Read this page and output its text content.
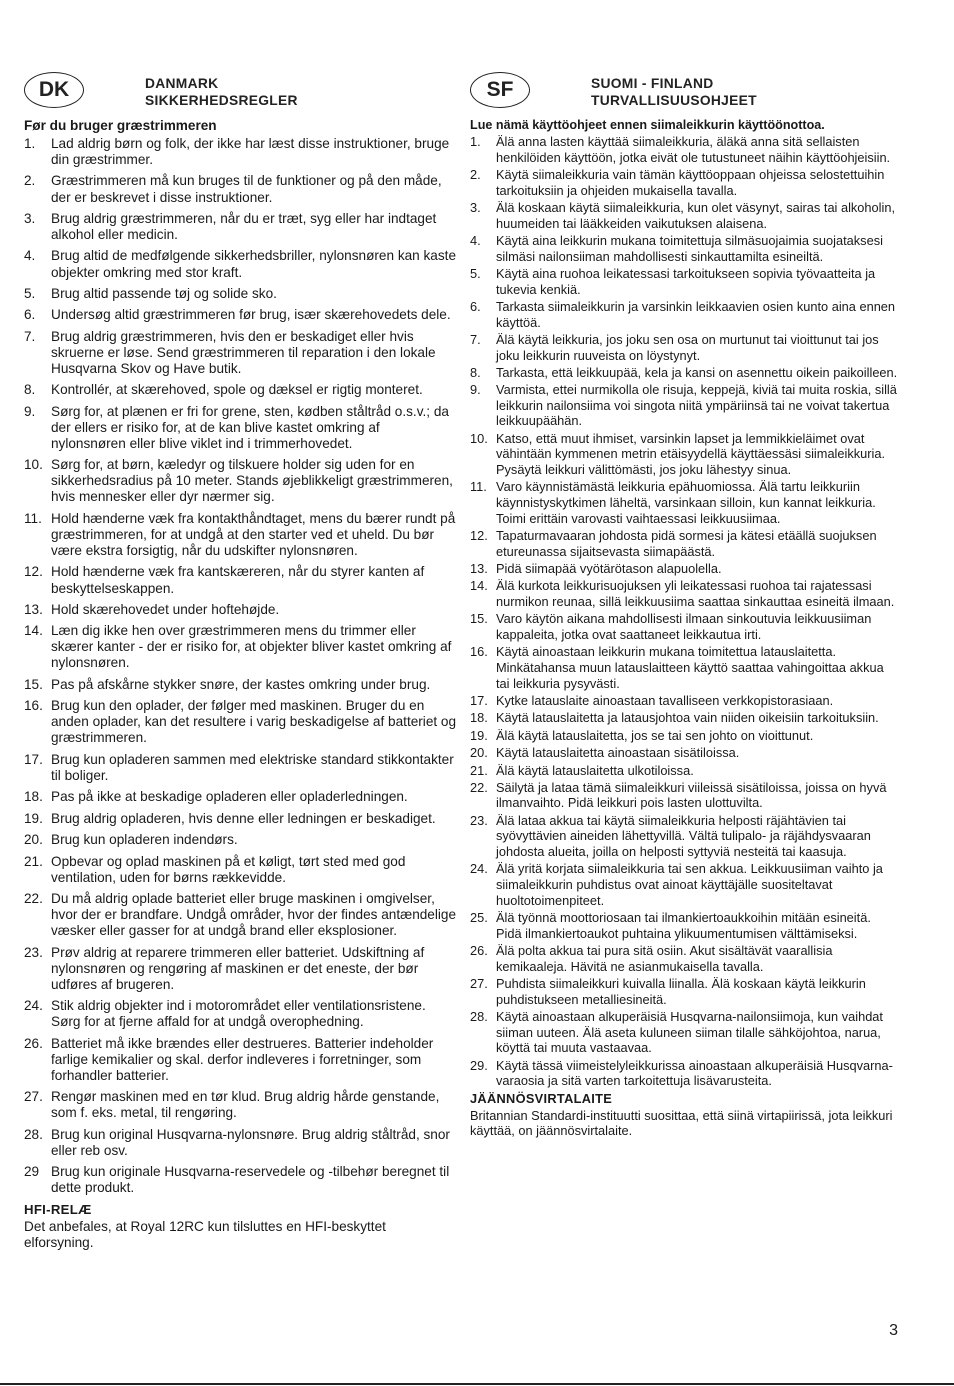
DK	DANMARK
SIKKERHEDSREGLER

Før du bruger græstrimmeren

1.	Lad aldrig børn og folk, der ikke har læst disse instruktioner, bruge din græstrimmer.
2.	Græstrimmeren må kun bruges til de funktioner og på den måde, der er beskrevet i disse instruktioner.
3.	Brug aldrig græstrimmeren, når du er træt, syg eller har indtaget alkohol eller medicin.
4.	Brug altid de medfølgende sikkerhedsbriller, nylonsnøren kan kaste objekter omkring med stor kraft.
5.	Brug altid passende tøj og solide sko.
6.	Undersøg altid græstrimmeren før brug, især skærehovedets dele.
7.	Brug aldrig græstrimmeren, hvis den er beskadiget eller hvis skruerne er løse. Send græstrimmeren til reparation i den lokale Husqvarna Skov og Have butik.
8.	Kontrollér, at skærehoved, spole og dæksel er rigtig monteret.
9.	Sørg for, at plænen er fri for grene, sten, kødben ståltråd o.s.v.; da der ellers er risiko for, at de kan blive kastet omkring af nylonsnøren eller blive viklet ind i trimmerhovedet.
10. Sørg for, at børn, kæledyr og tilskuere holder sig uden for en sikkerhedsradius på 10 meter. Stands øjeblikkeligt græstrimmeren, hvis mennesker eller dyr nærmer sig.
11. Hold hænderne væk fra kontakthåndtaget, mens du bærer rundt på græstrimmeren, for at undgå at den starter ved et uheld. Du bør være ekstra forsigtig, når du udskifter nylonsnøren.
12. Hold hænderne væk fra kantskæreren, når du styrer kanten af beskyttelseskappen.
13. Hold skærehovedet under hoftehøjde.
14. Læn dig ikke hen over græstrimmeren mens du trimmer eller skærer kanter - der er risiko for, at objekter bliver kastet omkring af nylonsnøren.
15. Pas på afskårne stykker snøre, der kastes omkring under brug.
16. Brug kun den oplader, der følger med maskinen. Bruger du en anden oplader, kan det resultere i varig beskadigelse af batteriet og græstrimmeren.
17. Brug kun opladeren sammen med elektriske standard stikkontakter til boliger.
18. Pas på ikke at beskadige opladeren eller opladerledningen.
19. Brug aldrig opladeren, hvis denne eller ledningen er beskadiget.
20. Brug kun opladeren indendørs.
21. Opbevar og oplad maskinen på et køligt, tørt sted med god ventilation, uden for børns rækkevidde.
22. Du må aldrig oplade batteriet eller bruge maskinen i omgivelser, hvor der er brandfare. Undgå områder, hvor der findes antændelige væsker eller gasser for at undgå brand eller eksplosioner.
23. Prøv aldrig at reparere trimmeren eller batteriet. Udskiftning af nylonsnøren og rengøring af maskinen er det eneste, der bør udføres af brugeren.
24. Stik aldrig objekter ind i motorområdet eller ventilationsristene. Sørg for at fjerne affald for at undgå overophedning.
26. Batteriet må ikke brændes eller destrueres. Batterier indeholder farlige kemikalier og skal. derfor indleveres i forretninger, som forhandler batterier.
27. Rengør maskinen med en tør klud. Brug aldrig hårde genstande, som f. eks. metal, til rengøring.
28. Brug kun original Husqvarna-nylonsnøre. Brug aldrig ståltråd, snor eller reb osv.
29 Brug kun originale Husqvarna-reservedele og -tilbehør beregnet til dette produkt.
HFI-RELÆ

Det anbefales, at Royal 12RC kun tilsluttes en HFI-beskyttet elforsyning.

SF	SUOMI - FINLAND
TURVALLISUUSOHJEET

Lue nämä käyttöohjeet ennen siimaleikkurin käyttöönottoa.

1.	Älä anna lasten käyttää siimaleikkuria, äläkä anna sitä sellaisten henkilöiden käyttöön, jotka eivät ole tutustuneet näihin käyttöohjeisiin.
2.	Käytä siimaleikkuria vain tämän käyttöoppaan ohjeissa selostettuihin tarkoituksiin ja ohjeiden mukaisella tavalla.
3.	Älä koskaan käytä siimaleikkuria, kun olet väsynyt, sairas tai alkoholin, huumeiden tai lääkkeiden vaikutuksen alaisena.
4.	Käytä aina leikkurin mukana toimitettuja silmäsuojaimia suojataksesi silmäsi nailonsiiman mahdollisesti sinkauttamilta esineiltä.
5.	Käytä aina ruohoa leikatessasi tarkoitukseen sopivia työvaatteita ja tukevia kenkiä.
6.	Tarkasta siimaleikkurin ja varsinkin leikkaavien osien kunto aina ennen käyttöä.
7.	Älä käytä leikkuria, jos joku sen osa on murtunut tai vioittunut tai jos joku leikkurin ruuveista on löystynyt.
8.	Tarkasta, että leikkuupää, kela ja kansi on asennettu oikein paikoilleen.
9.	Varmista, ettei nurmikolla ole risuja, keppejä, kiviä tai muita roskia, sillä leikkurin nailonsiima voi singota niitä ympäriinsä tai ne voivat takertua leikkuupäähän.
10. Katso, että muut ihmiset, varsinkin lapset ja lemmikkieläimet ovat vähintään kymmenen metrin etäisyydellä käyttäessäsi siimaleikkuria. Pysäytä leikkuri välittömästi, jos joku lähestyy sinua.
11. Varo käynnistämästä leikkuria epähuomiossa. Älä tartu leikkuriin käynnistyskytkimen läheltä, varsinkaan silloin, kun kannat leikkuria. Toimi erittäin varovasti vaihtaessasi leikkuusiimaa.
12. Tapaturmavaaran johdosta pidä sormesi ja kätesi etäällä suojuksen etureunassa sijaitsevasta siimapäästä.
13. Pidä siimapää vyötärötason alapuolella.
14. Älä kurkota leikkurisuojuksen yli leikatessasi ruohoa tai rajatessasi nurmikon reunaa, sillä leikkuusiima saattaa sinkauttaa esineitä ilmaan.
15. Varo käytön aikana mahdollisesti ilmaan sinkoutuvia leikkuusiiman kappaleita, jotka ovat saattaneet leikkautua irti.
16. Käytä ainoastaan leikkurin mukana toimitettua latauslaitetta. Minkätahansa muun latauslaitteen käyttö saattaa vahingoittaa akkua tai leikkuria pysyvästi.
17. Kytke latauslaite ainoastaan tavalliseen verkkopistorasiaan.
18. Käytä latauslaitetta ja latausjohtoa vain niiden oikeisiin tarkoituksiin.
19. Älä käytä latauslaitetta, jos se tai sen johto on vioittunut.
20. Käytä latauslaitetta ainoastaan sisätiloissa.
21. Älä käytä latauslaitetta ulkotiloissa.
22. Säilytä ja lataa tämä siimaleikkuri viileissä sisätiloissa, joissa on hyvä ilmanvaihto. Pidä leikkuri pois lasten ulottuvilta.
23. Älä lataa akkua tai käytä siimaleikkuria helposti räjähtävien tai syövyttävien aineiden lähettyvillä. Vältä tulipalo- ja räjähdysvaaran johdosta alueita, joilla on helposti syttyviä nesteitä tai kaasuja.
24. Älä yritä korjata siimaleikkuria tai sen akkua. Leikkuusiiman vaihto ja siimaleikkurin puhdistus ovat ainoat käyttäjälle suositeltavat huoltotoimenpiteet.
25. Älä työnnä moottoriosaan tai ilmankiertoaukkoihin mitään esineitä. Pidä ilmankiertoaukot puhtaina ylikuumentumisen välttämiseksi.
26. Älä polta akkua tai pura sitä osiin. Akut sisältävät vaarallisia kemikaaleja. Hävitä ne asianmukaisella tavalla.
27. Puhdista siimaleikkuri kuivalla liinalla. Älä koskaan käytä leikkurin puhdistukseen metalliesineitä.
28. Käytä ainoastaan alkuperäisiä Husqvarna-nailonsiimoja, kun vaihdat siiman uuteen. Älä aseta kuluneen siiman tilalle sähköjohtoa, narua, köyttä tai muuta vastaavaa.
29. Käytä tässä viimeistelyleikkurissa ainoastaan alkuperäisiä Husqvarna-varaosia ja sitä varten tarkoitettuja lisävarusteita.
JÄÄNNÖSVIRTALAITE

Britannian Standardi-instituutti suosittaa, että siinä virtapiirissä, jota leikkuri käyttää, on jäännösvirtalaite.

3
